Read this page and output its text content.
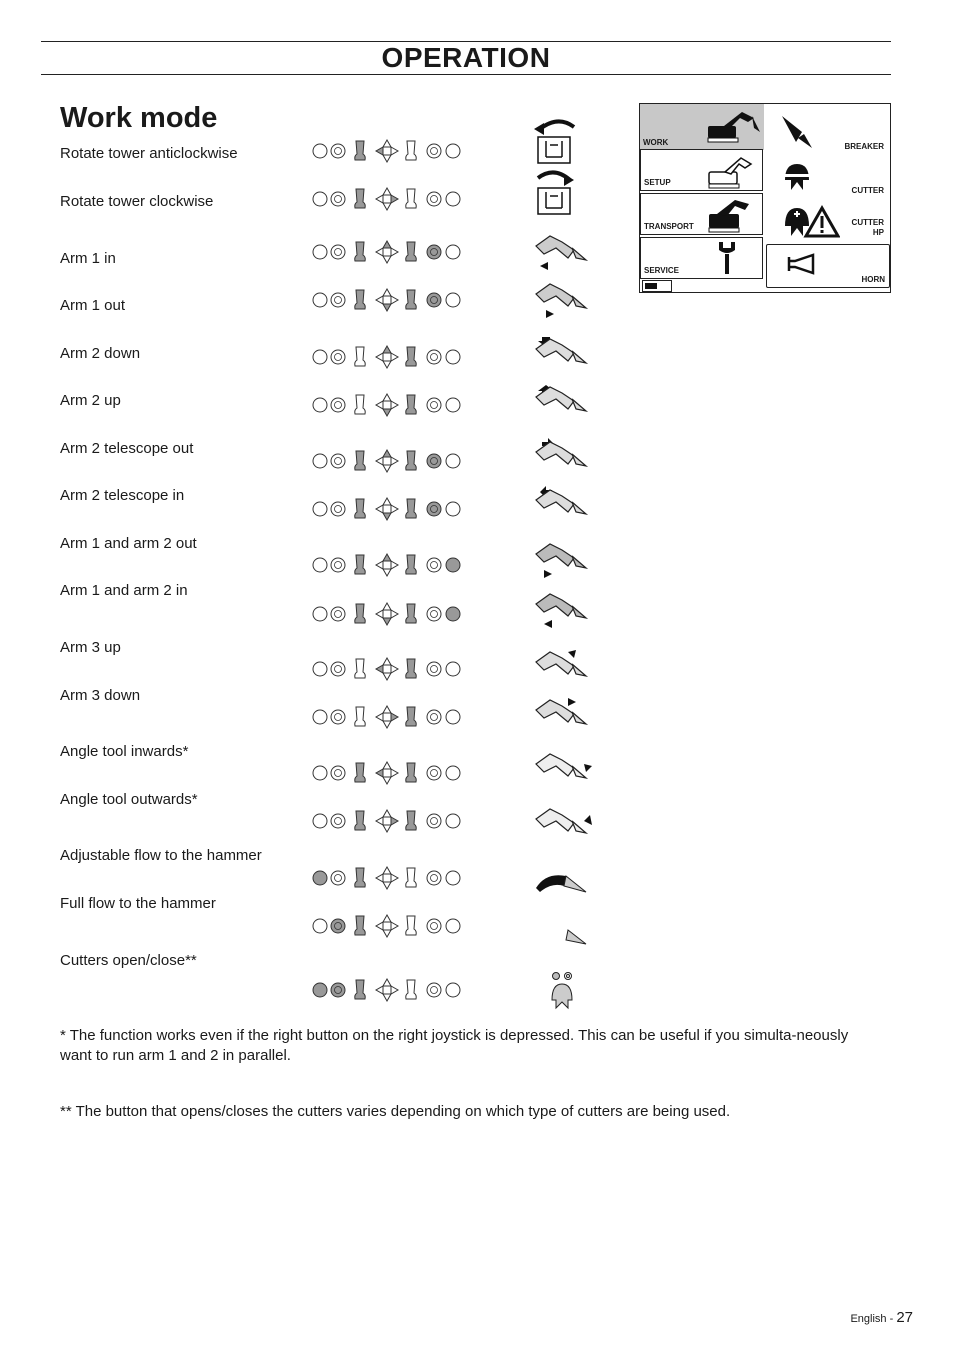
OPERATION
Work mode
Rotate tower anticlockwise
Rotate tower clockwise
Arm 1 in
Arm 1 out
Arm 2 down
Arm 2 up
Arm 2 telescope out
Arm 2 telescope in
Arm 1 and arm 2 out
Arm 1 and arm 2 in
Arm 3 up
Arm 3 down
Angle tool inwards*
Angle tool outwards*
Adjustable flow to the hammer
Full flow to the hammer
Cutters open/close**
WORK
SETUP
TRANSPORT
SERVICE
BREAKER
CUTTER
CUTTER
HP
HORN

* The function works even if the right button on the right joystick is depressed. This can be useful if you simulta-neously want to run arm 1 and 2 in parallel.

** The button that opens/closes the cutters varies depending on which type of cutters are being used.

English - 27
